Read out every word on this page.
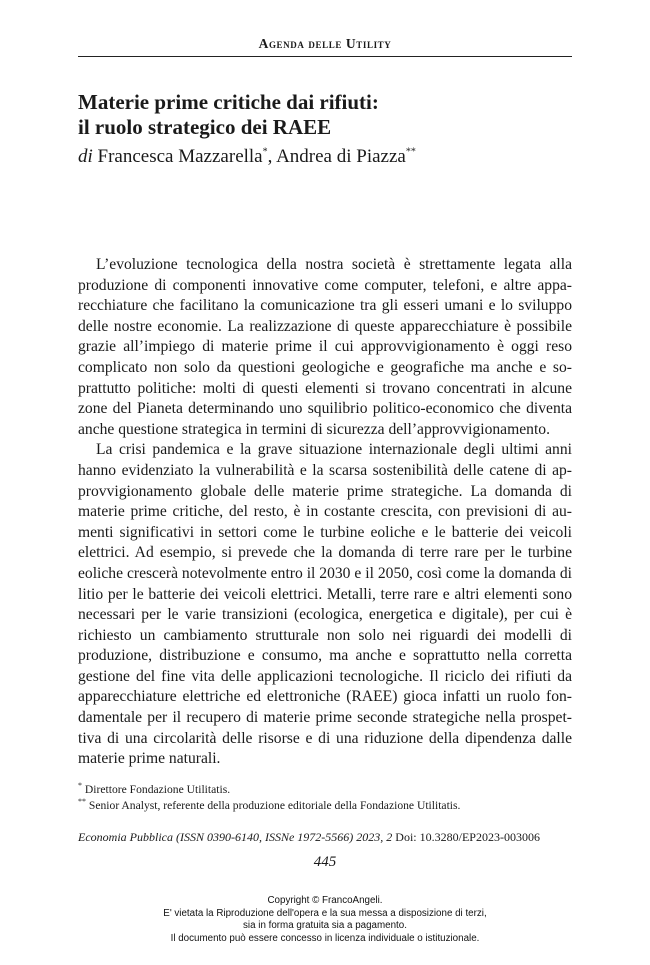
Agenda delle Utility
Materie prime critiche dai rifiuti:
il ruolo strategico dei RAEE
di Francesca Mazzarella*, Andrea di Piazza**

L’evoluzione tecnologica della nostra società è strettamente legata alla produzione di componenti innovative come computer, telefoni, e altre apparecchiature che facilitano la comunicazione tra gli esseri umani e lo sviluppo delle nostre economie. La realizzazione di queste apparecchiature è possibile grazie all’impiego di materie prime il cui approvvigionamento è oggi reso complicato non solo da questioni geologiche e geografiche ma anche e soprattutto politiche: molti di questi elementi si trovano concentrati in alcune zone del Pianeta determinando uno squilibrio politico-economico che diventa anche questione strategica in termini di sicurezza dell’approvvigionamento.

La crisi pandemica e la grave situazione internazionale degli ultimi anni hanno evidenziato la vulnerabilità e la scarsa sostenibilità delle catene di approvvigionamento globale delle materie prime strategiche. La domanda di materie prime critiche, del resto, è in costante crescita, con previsioni di aumenti significativi in settori come le turbine eoliche e le batterie dei veicoli elettrici. Ad esempio, si prevede che la domanda di terre rare per le turbine eoliche crescerà notevolmente entro il 2030 e il 2050, così come la domanda di litio per le batterie dei veicoli elettrici. Metalli, terre rare e altri elementi sono necessari per le varie transizioni (ecologica, energetica e digitale), per cui è richiesto un cambiamento strutturale non solo nei riguardi dei modelli di produzione, distribuzione e consumo, ma anche e soprattutto nella corretta gestione del fine vita delle applicazioni tecnologiche. Il riciclo dei rifiuti da apparecchiature elettriche ed elettroniche (RAEE) gioca infatti un ruolo fondamentale per il recupero di materie prime seconde strategiche nella prospettiva di una circolarità delle risorse e di una riduzione della dipendenza dalle materie prime naturali.

* Direttore Fondazione Utilitatis.
** Senior Analyst, referente della produzione editoriale della Fondazione Utilitatis.
Economia Pubblica (ISSN 0390-6140, ISSNe 1972-5566) 2023, 2 Doi: 10.3280/EP2023-003006
445
Copyright © FrancoAngeli.
E' vietata la Riproduzione dell'opera e la sua messa a disposizione di terzi,
sia in forma gratuita sia a pagamento.
Il documento può essere concesso in licenza individuale o istituzionale.
